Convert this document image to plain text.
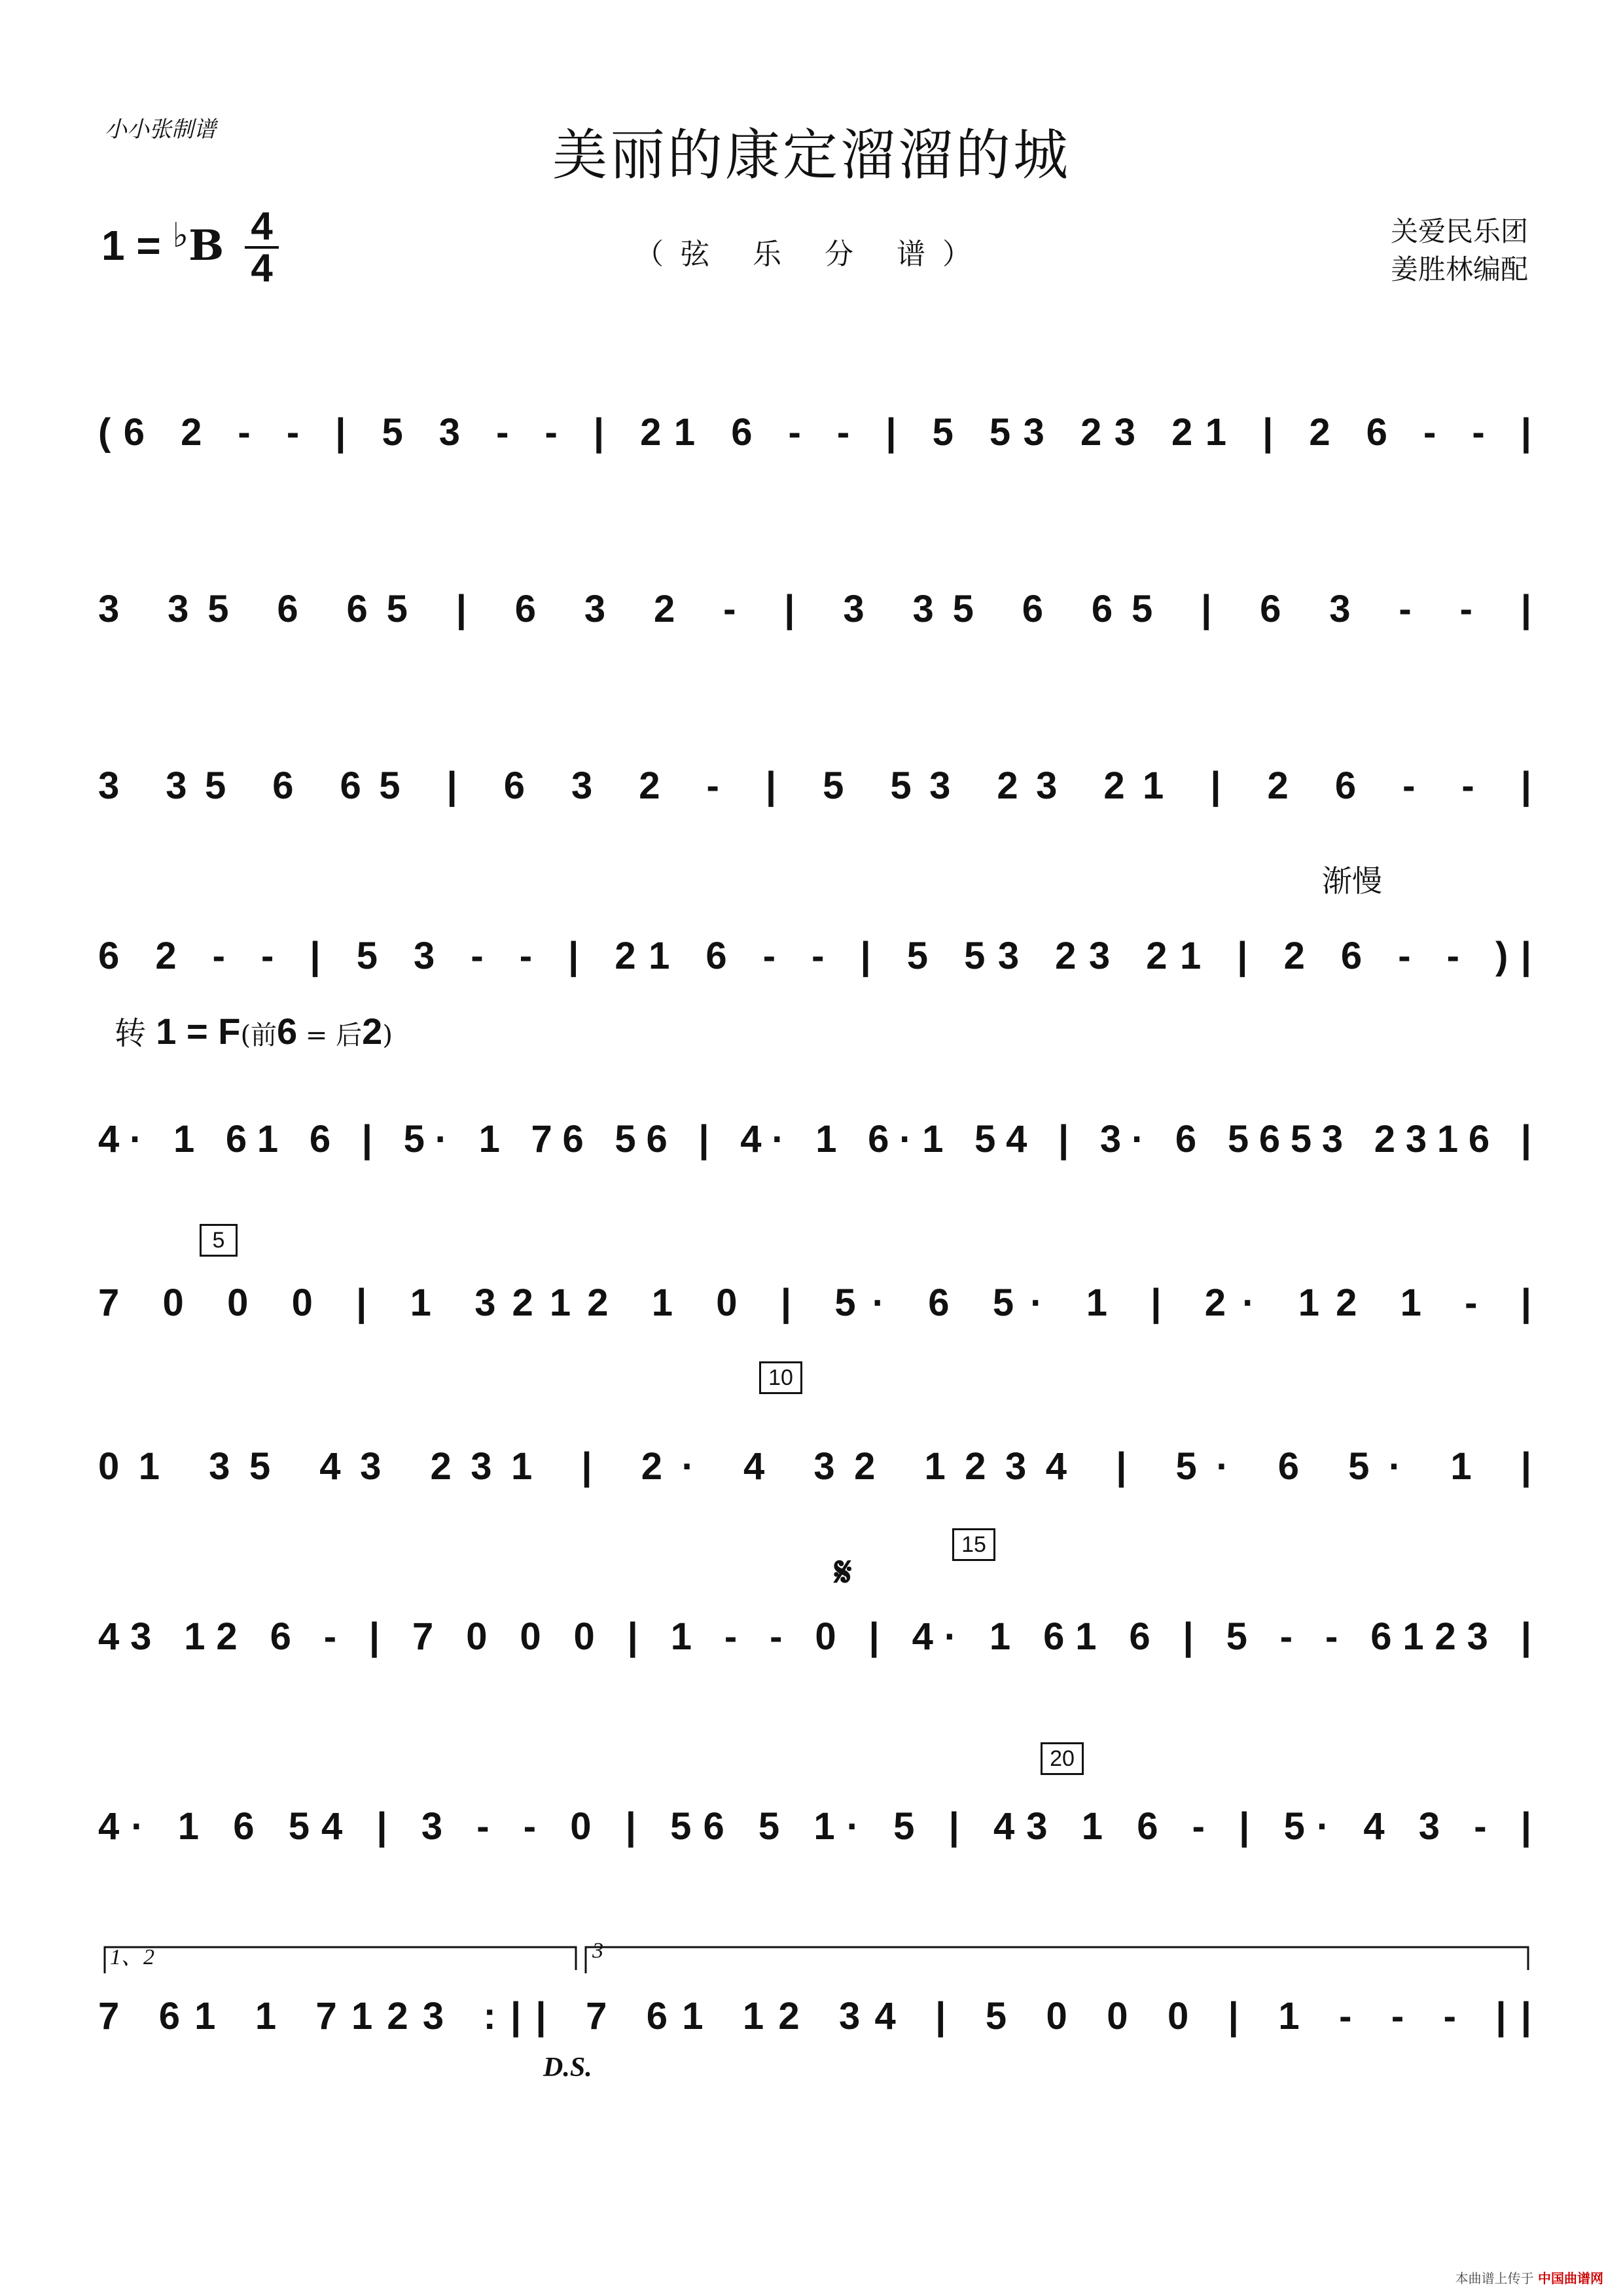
小小张制谱	美丽的康定溜溜的城
1 = ♭B 4
4	（弦 乐 分 谱）
关爱民乐团
姜胜林编配
(6 2 - - | 5 3 - - | 21 6 - - | 5 53 23 21 | 2 6 - - |
3 35 6 65 | 6 3 2 - | 3 35 6 65 | 6 3 - - |
3 35 6 65 | 6 3 2 - | 5 53 23 21 | 2 6 - - |
6 2 - - | 5 3 - - | 21 6 - - | 5 53 23 21 | 2 6 - - )|
4· 1 61 6 | 5· 1 76 56 | 4· 1 6·1 54 | 3· 6 5653 2316 |
7 0 0 0 | 1 3212 1 0 | 5· 6 5· 1 | 2· 12 1 - |
01 35 43 231 | 2· 4 32 1234 | 5· 6 5· 1 |
43 12 6 - | 7 0 0 0 | 1 - - 0 | 4· 1 61 6 | 5 - - 6123 |
4· 1 6 54 | 3 - - 0 | 56 5 1· 5 | 43 1 6 - | 5· 4 3 - |
7 61 1 7123 :|| 7 61 12 34 | 5 0 0 0 | 1 - - - ||
1、2	3
转 1 = F(前6 = 后2)
渐慢
𝄋
D.S.
5
10
15
20
本曲谱上传于 中国曲谱网
